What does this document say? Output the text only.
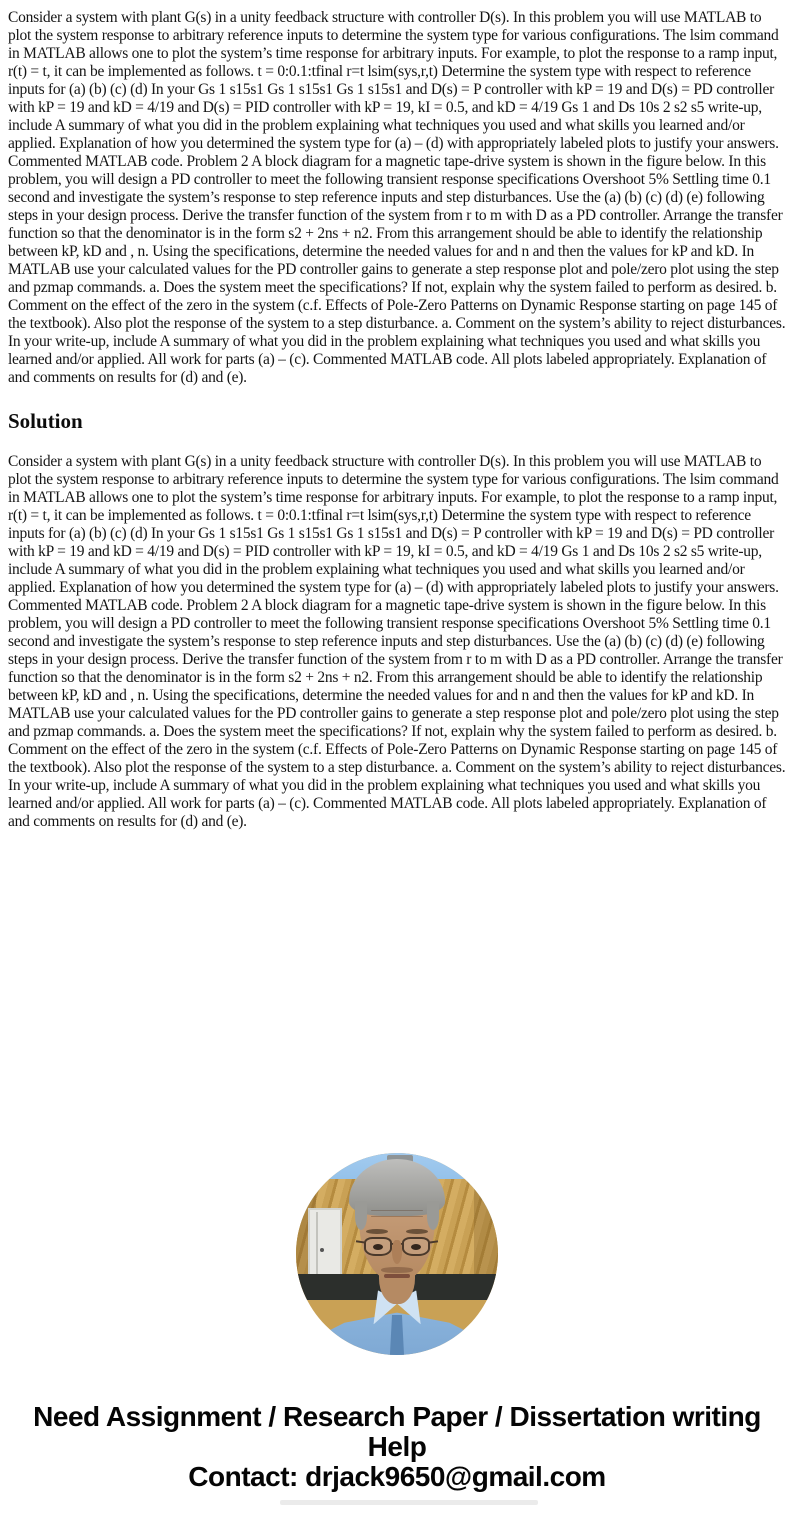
Consider a system with plant G(s) in a unity feedback structure with controller D(s). In this problem you will use MATLAB to plot the system response to arbitrary reference inputs to determine the system type for various configurations. The lsim command in MATLAB allows one to plot the system’s time response for arbitrary inputs. For example, to plot the response to a ramp input, r(t) = t, it can be implemented as follows. t = 0:0.1:tfinal r=t lsim(sys,r,t) Determine the system type with respect to reference inputs for (a) (b) (c) (d) In your Gs 1 s15s1 Gs 1 s15s1 Gs 1 s15s1 and D(s) = P controller with kP = 19 and D(s) = PD controller with kP = 19 and kD = 4/19 and D(s) = PID controller with kP = 19, kI = 0.5, and kD = 4/19 Gs 1 and Ds 10s 2 s2 s5 write-up, include A summary of what you did in the problem explaining what techniques you used and what skills you learned and/or applied. Explanation of how you determined the system type for (a) – (d) with appropriately labeled plots to justify your answers. Commented MATLAB code. Problem 2 A block diagram for a magnetic tape-drive system is shown in the figure below. In this problem, you will design a PD controller to meet the following transient response specifications Overshoot 5% Settling time 0.1 second and investigate the system’s response to step reference inputs and step disturbances. Use the (a) (b) (c) (d) (e) following steps in your design process. Derive the transfer function of the system from r to m with D as a PD controller. Arrange the transfer function so that the denominator is in the form s2 + 2ns + n2. From this arrangement should be able to identify the relationship between kP, kD and , n. Using the specifications, determine the needed values for and n and then the values for kP and kD. In MATLAB use your calculated values for the PD controller gains to generate a step response plot and pole/zero plot using the step and pzmap commands. a. Does the system meet the specifications? If not, explain why the system failed to perform as desired. b. Comment on the effect of the zero in the system (c.f. Effects of Pole-Zero Patterns on Dynamic Response starting on page 145 of the textbook). Also plot the response of the system to a step disturbance. a. Comment on the system’s ability to reject disturbances. In your write-up, include A summary of what you did in the problem explaining what techniques you used and what skills you learned and/or applied. All work for parts (a) – (c). Commented MATLAB code. All plots labeled appropriately. Explanation of and comments on results for (d) and (e).

Solution

Consider a system with plant G(s) in a unity feedback structure with controller D(s). In this problem you will use MATLAB to plot the system response to arbitrary reference inputs to determine the system type for various configurations. The lsim command in MATLAB allows one to plot the system’s time response for arbitrary inputs. For example, to plot the response to a ramp input, r(t) = t, it can be implemented as follows. t = 0:0.1:tfinal r=t lsim(sys,r,t) Determine the system type with respect to reference inputs for (a) (b) (c) (d) In your Gs 1 s15s1 Gs 1 s15s1 Gs 1 s15s1 and D(s) = P controller with kP = 19 and D(s) = PD controller with kP = 19 and kD = 4/19 and D(s) = PID controller with kP = 19, kI = 0.5, and kD = 4/19 Gs 1 and Ds 10s 2 s2 s5 write-up, include A summary of what you did in the problem explaining what techniques you used and what skills you learned and/or applied. Explanation of how you determined the system type for (a) – (d) with appropriately labeled plots to justify your answers. Commented MATLAB code. Problem 2 A block diagram for a magnetic tape-drive system is shown in the figure below. In this problem, you will design a PD controller to meet the following transient response specifications Overshoot 5% Settling time 0.1 second and investigate the system’s response to step reference inputs and step disturbances. Use the (a) (b) (c) (d) (e) following steps in your design process. Derive the transfer function of the system from r to m with D as a PD controller. Arrange the transfer function so that the denominator is in the form s2 + 2ns + n2. From this arrangement should be able to identify the relationship between kP, kD and , n. Using the specifications, determine the needed values for and n and then the values for kP and kD. In MATLAB use your calculated values for the PD controller gains to generate a step response plot and pole/zero plot using the step and pzmap commands. a. Does the system meet the specifications? If not, explain why the system failed to perform as desired. b. Comment on the effect of the zero in the system (c.f. Effects of Pole-Zero Patterns on Dynamic Response starting on page 145 of the textbook). Also plot the response of the system to a step disturbance. a. Comment on the system’s ability to reject disturbances. In your write-up, include A summary of what you did in the problem explaining what techniques you used and what skills you learned and/or applied. All work for parts (a) – (c). Commented MATLAB code. All plots labeled appropriately. Explanation of and comments on results for (d) and (e).

Need Assignment / Research Paper / Dissertation writing Help
Contact: drjack9650@gmail.com
